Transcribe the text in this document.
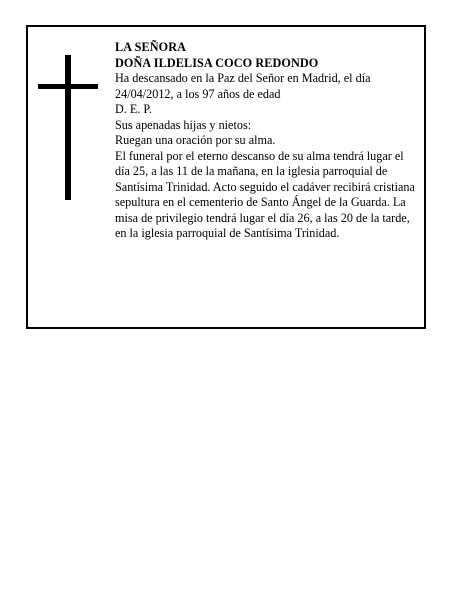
LA SEÑORA

DOÑA ILDELISA COCO REDONDO

Ha descansado en la Paz del Señor en Madrid, el día 24/04/2012, a los 97 años de edad

D. E. P.

Sus apenadas hijas y nietos:

Ruegan una oración por su alma.

El funeral por el eterno descanso de su alma tendrá lugar el día 25, a las 11 de la mañana, en la iglesia parroquial de Santísima Trinidad. Acto seguido el cadáver recibirá cristiana sepultura en el cementerio de Santo Ángel de la Guarda. La misa de privilegio tendrá lugar el día 26, a las 20 de la tarde, en la iglesia parroquial de Santísima Trinidad.
